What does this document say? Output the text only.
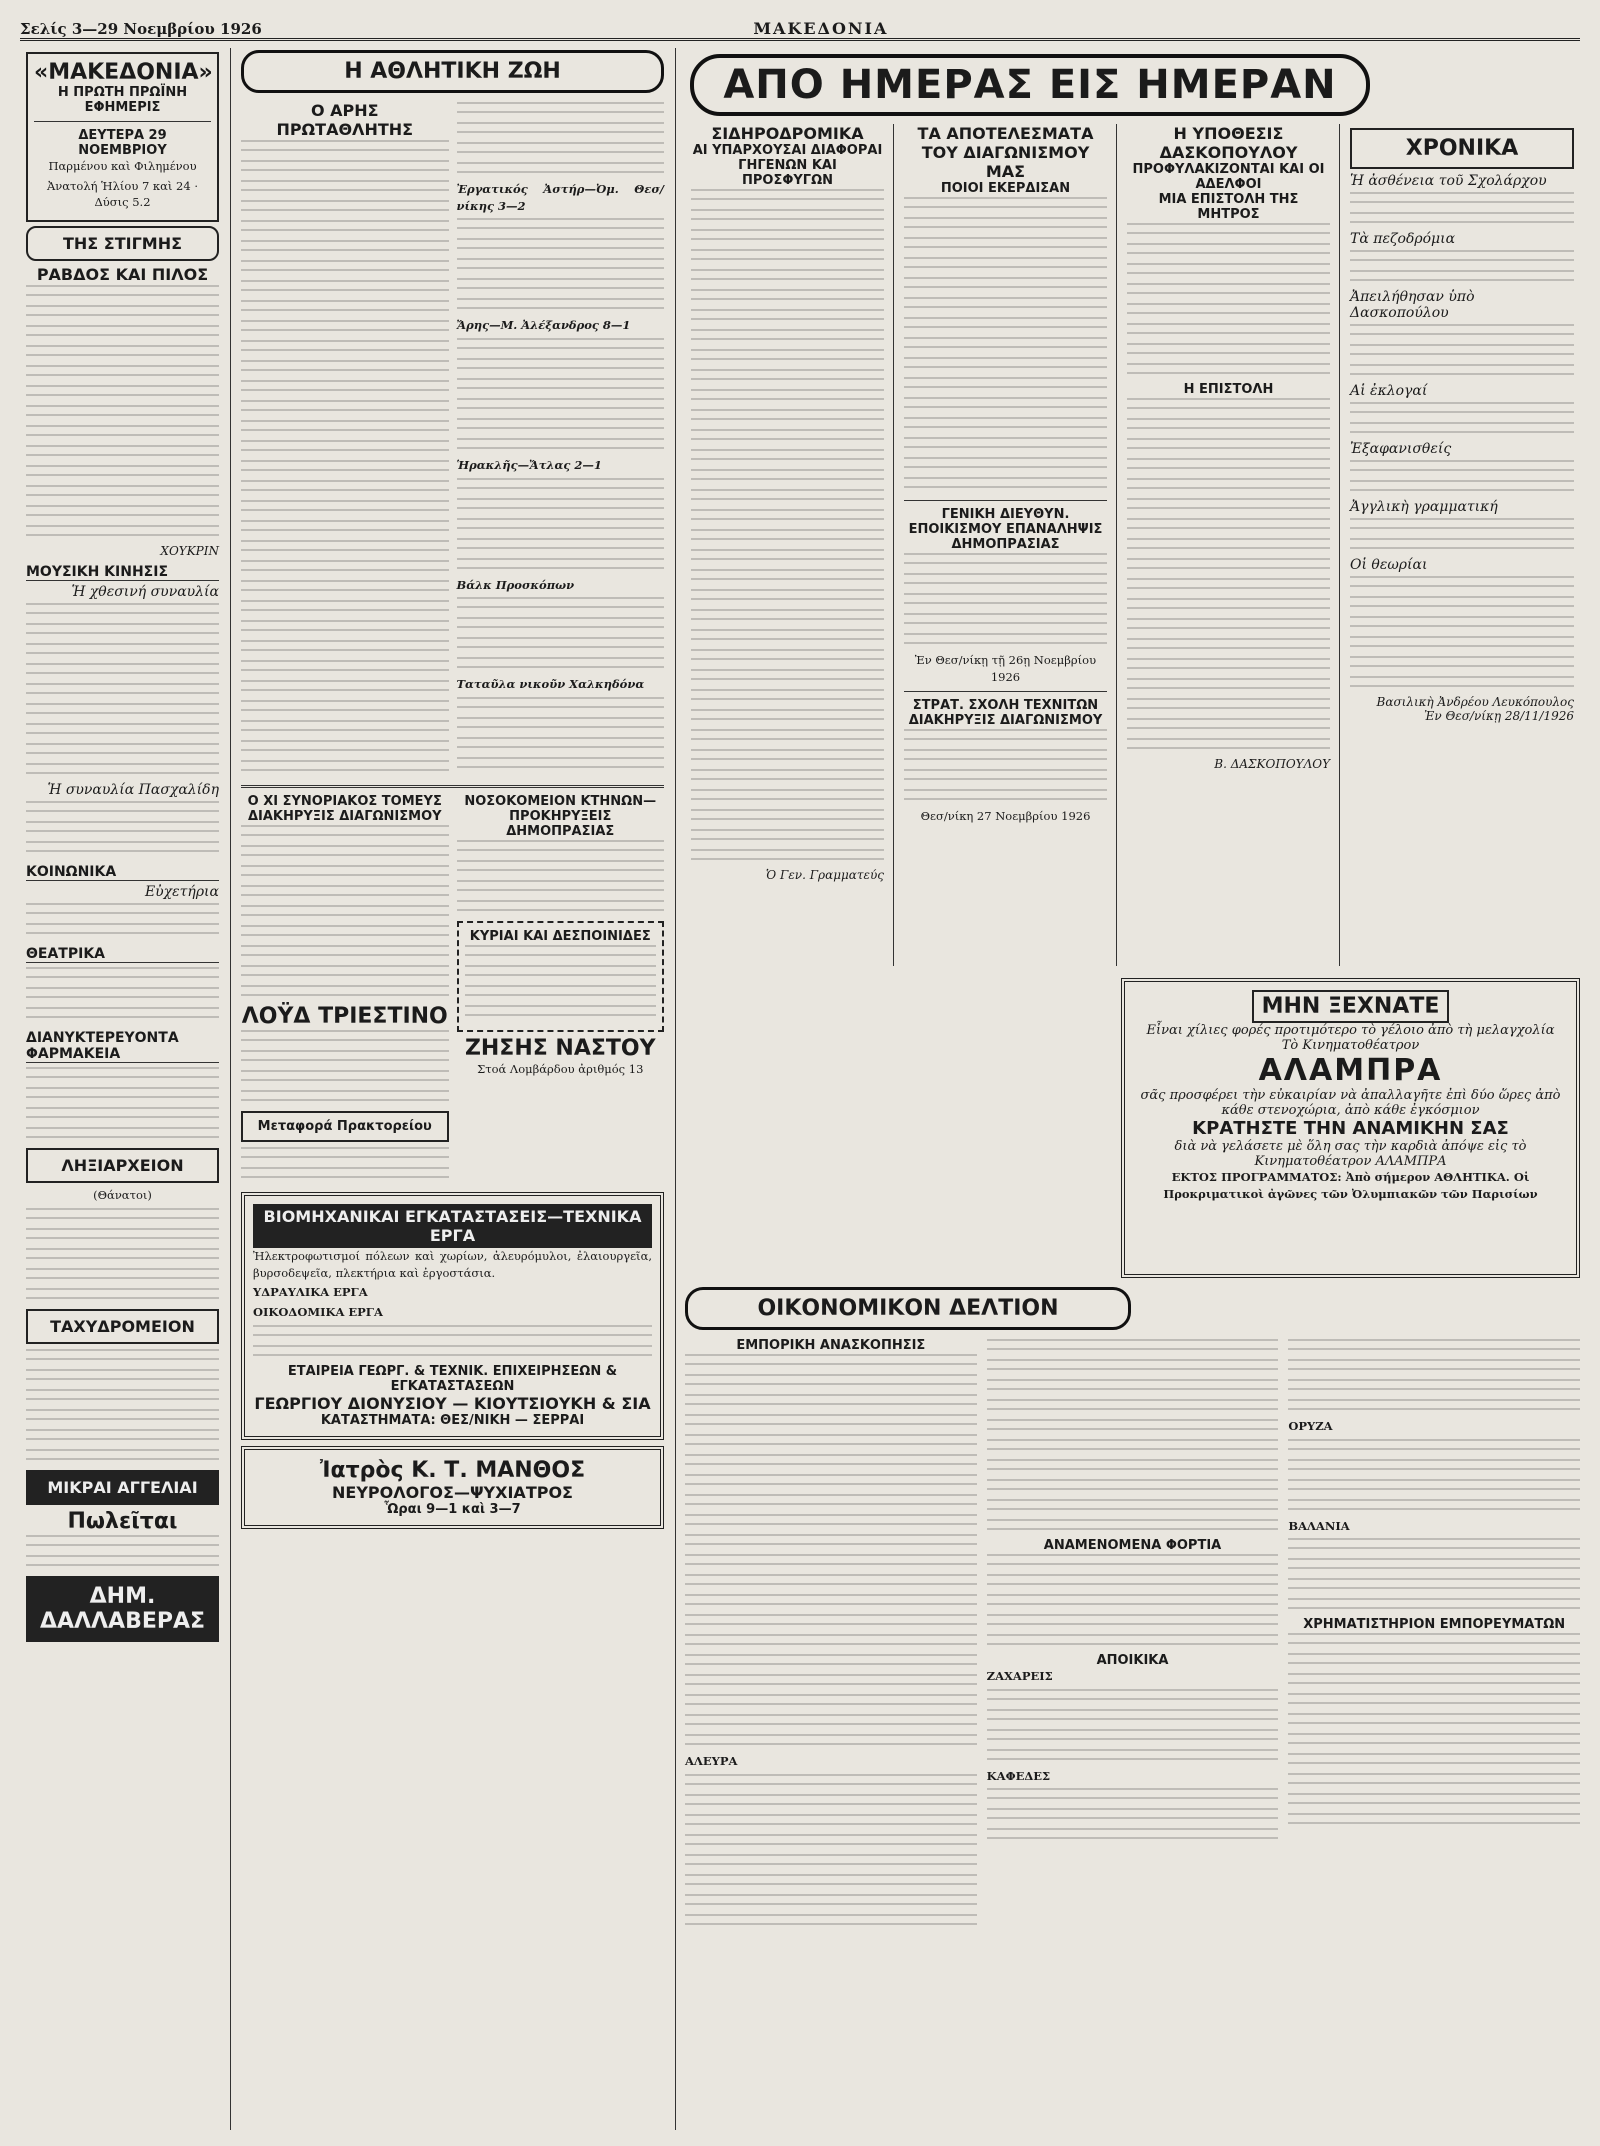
Σελίς 3—29 Νοεμβρίου 1926	ΜΑΚΕΔΟΝΙΑ
«ΜΑΚΕΔΟΝΙΑ»
Η ΠΡΩΤΗ ΠΡΩΪΝΗ ΕΦΗΜΕΡΙΣ
ΔΕΥΤΕΡΑ 29 ΝΟΕΜΒΡΙΟΥ
Παρμένου καὶ Φιλημένου
Ἀνατολή Ἡλίου 7 καὶ 24 · Δύσις 5.2
ΤΗΣ ΣΤΙΓΜΗΣ
ΡΑΒΔΟΣ ΚΑΙ ΠΙΛΟΣ
ΧΟΥΚΡΙΝ
ΜΟΥΣΙΚΗ ΚΙΝΗΣΙΣ
Ἡ χθεσινή συναυλία
Ἡ συναυλία Πασχαλίδη
ΚΟΙΝΩΝΙΚΑ
Εὐχετήρια
ΘΕΑΤΡΙΚΑ
ΔΙΑΝΥΚΤΕΡΕΥΟΝΤΑ ΦΑΡΜΑΚΕΙΑ
ΛΗΞΙΑΡΧΕΙΟΝ
(Θάνατοι)
ΤΑΧΥΔΡΟΜΕΙΟΝ
ΜΙΚΡΑΙ ΑΓΓΕΛΙΑΙ
Πωλεῖται
ΔΗΜ. ΔΑΛΛΑΒΕΡΑΣ
Η ΑΘΛΗΤΙΚΗ ΖΩΗ
Ο ΑΡΗΣ ΠΡΩΤΑΘΛΗΤΗΣ
Ἐργατικός Ἀστήρ—Ὀμ. Θεσ/νίκης 3—2
Ἄρης—Μ. Ἀλέξανδρος 8—1
Ἡρακλῆς—Ἄτλας 2—1
Βάλκ Προσκόπων
Ταταῦλα νικοῦν Χαλκηδόνα
Ο ΧΙ ΣΥΝΟΡΙΑΚΟΣ ΤΟΜΕΥΣ ΔΙΑΚΗΡΥΞΙΣ ΔΙΑΓΩΝΙΣΜΟΥ
ΛΟΫΔ ΤΡΙΕΣΤΙΝΟ
Μεταφορά Πρακτορείου
ΝΟΣΟΚΟΜΕΙΟΝ ΚΤΗΝΩΝ—ΠΡΟΚΗΡΥΞΕΙΣ ΔΗΜΟΠΡΑΣΙΑΣ
ΚΥΡΙΑΙ ΚΑΙ ΔΕΣΠΟΙΝΙΔΕΣ
ΖΗΣΗΣ ΝΑΣΤΟΥ
Στοά Λομβάρδου ἀριθμός 13
ΒΙΟΜΗΧΑΝΙΚΑΙ ΕΓΚΑΤΑΣΤΑΣΕΙΣ—ΤΕΧΝΙΚΑ ΕΡΓΑ
Ἠλεκτροφωτισμοί πόλεων καὶ χωρίων, ἀλευρόμυλοι, ἐλαιουργεῖα, βυρσοδεψεῖα, πλεκτήρια καὶ ἐργοστάσια.
ΥΔΡΑΥΛΙΚΑ ΕΡΓΑ
ΟΙΚΟΔΟΜΙΚΑ ΕΡΓΑ
ΕΤΑΙΡΕΙΑ ΓΕΩΡΓ. & ΤΕΧΝΙΚ. ΕΠΙΧΕΙΡΗΣΕΩΝ & ΕΓΚΑΤΑΣΤΑΣΕΩΝ
ΓΕΩΡΓΙΟΥ ΔΙΟΝΥΣΙΟΥ — ΚΙΟΥΤΣΙΟΥΚΗ & ΣΙΑ
ΚΑΤΑΣΤΗΜΑΤΑ: ΘΕΣ/ΝΙΚΗ — ΣΕΡΡΑΙ
Ἰατρὸς Κ. Τ. ΜΑΝΘΟΣ
ΝΕΥΡΟΛΟΓΟΣ—ΨΥΧΙΑΤΡΟΣ
Ὧραι 9—1 καὶ 3—7
ΑΠΟ ΗΜΕΡΑΣ ΕΙΣ ΗΜΕΡΑΝ
ΣΙΔΗΡΟΔΡΟΜΙΚΑ
ΑΙ ΥΠΑΡΧΟΥΣΑΙ ΔΙΑΦΟΡΑΙ ΓΗΓΕΝΩΝ ΚΑΙ ΠΡΟΣΦΥΓΩΝ
Ὁ Γεν. Γραμματεύς
ΤΑ ΑΠΟΤΕΛΕΣΜΑΤΑ ΤΟΥ ΔΙΑΓΩΝΙΣΜΟΥ ΜΑΣ
ΠΟΙΟΙ ΕΚΕΡΔΙΣΑΝ
ΓΕΝΙΚΗ ΔΙΕΥΘΥΝ. ΕΠΟΙΚΙΣΜΟΥ ΕΠΑΝΑΛΗΨΙΣ ΔΗΜΟΠΡΑΣΙΑΣ
Ἐν Θεσ/νίκῃ τῇ 26ῃ Νοεμβρίου 1926
ΣΤΡΑΤ. ΣΧΟΛΗ ΤΕΧΝΙΤΩΝ ΔΙΑΚΗΡΥΞΙΣ ΔΙΑΓΩΝΙΣΜΟΥ
Θεσ/νίκη 27 Νοεμβρίου 1926
Η ΥΠΟΘΕΣΙΣ ΔΑΣΚΟΠΟΥΛΟΥ
ΠΡΟΦΥΛΑΚΙΖΟΝΤΑΙ ΚΑΙ ΟΙ ΑΔΕΛΦΟΙ
ΜΙΑ ΕΠΙΣΤΟΛΗ ΤΗΣ ΜΗΤΡΟΣ
Η ΕΠΙΣΤΟΛΗ
Β. ΔΑΣΚΟΠΟΥΛΟΥ
ΧΡΟΝΙΚΑ
Ἡ ἀσθένεια τοῦ Σχολάρχου
Τὰ πεζοδρόμια
Ἀπειλήθησαν ὑπὸ Δασκοπούλου
Αἱ ἐκλογαί
Ἐξαφανισθείς
Ἀγγλικὴ γραμματική
Οἱ θεωρίαι
Βασιλικὴ Ἀνδρέου Λευκόπουλος
Ἐν Θεσ/νίκῃ 28/11/1926
ΜΗΝ ΞΕΧΝΑΤΕ
Εἶναι χίλιες φορές προτιμότερο τὸ γέλοιο ἀπὸ τὴ μελαγχολία
Τὸ Κινηματοθέατρον
ΑΛΑΜΠΡΑ
σᾶς προσφέρει τὴν εὐκαιρίαν νὰ ἀπαλλαγῆτε ἐπὶ δύο ὥρες ἀπὸ κάθε στενοχώρια, ἀπὸ κάθε ἐγκόσμιον
ΚΡΑΤΗΣΤΕ ΤΗΝ ΑΝΑΜΙΚΗΝ ΣΑΣ
διὰ νὰ γελάσετε μὲ ὅλη σας τὴν καρδιὰ ἀπόψε εἰς τὸ Κινηματοθέατρον ΑΛΑΜΠΡΑ
ΕΚΤΟΣ ΠΡΟΓΡΑΜΜΑΤΟΣ: Ἀπὸ σήμερον ΑΘΛΗΤΙΚΑ. Οἱ Προκριματικοὶ ἀγῶνες τῶν Ὀλυμπιακῶν τῶν Παρισίων
ΟΙΚΟΝΟΜΙΚΟΝ ΔΕΛΤΙΟΝ
ΕΜΠΟΡΙΚΗ ΑΝΑΣΚΟΠΗΣΙΣ
ΑΛΕΥΡΑ
ΑΝΑΜΕΝΟΜΕΝΑ ΦΟΡΤΙΑ
ΑΠΟΙΚΙΚΑ
ΖΑΧΑΡΕΙΣ
ΚΑΦΕΔΕΣ
ΟΡΥΖΑ
ΒΑΛΑΝΙΑ
ΧΡΗΜΑΤΙΣΤΗΡΙΟΝ ΕΜΠΟΡΕΥΜΑΤΩΝ
